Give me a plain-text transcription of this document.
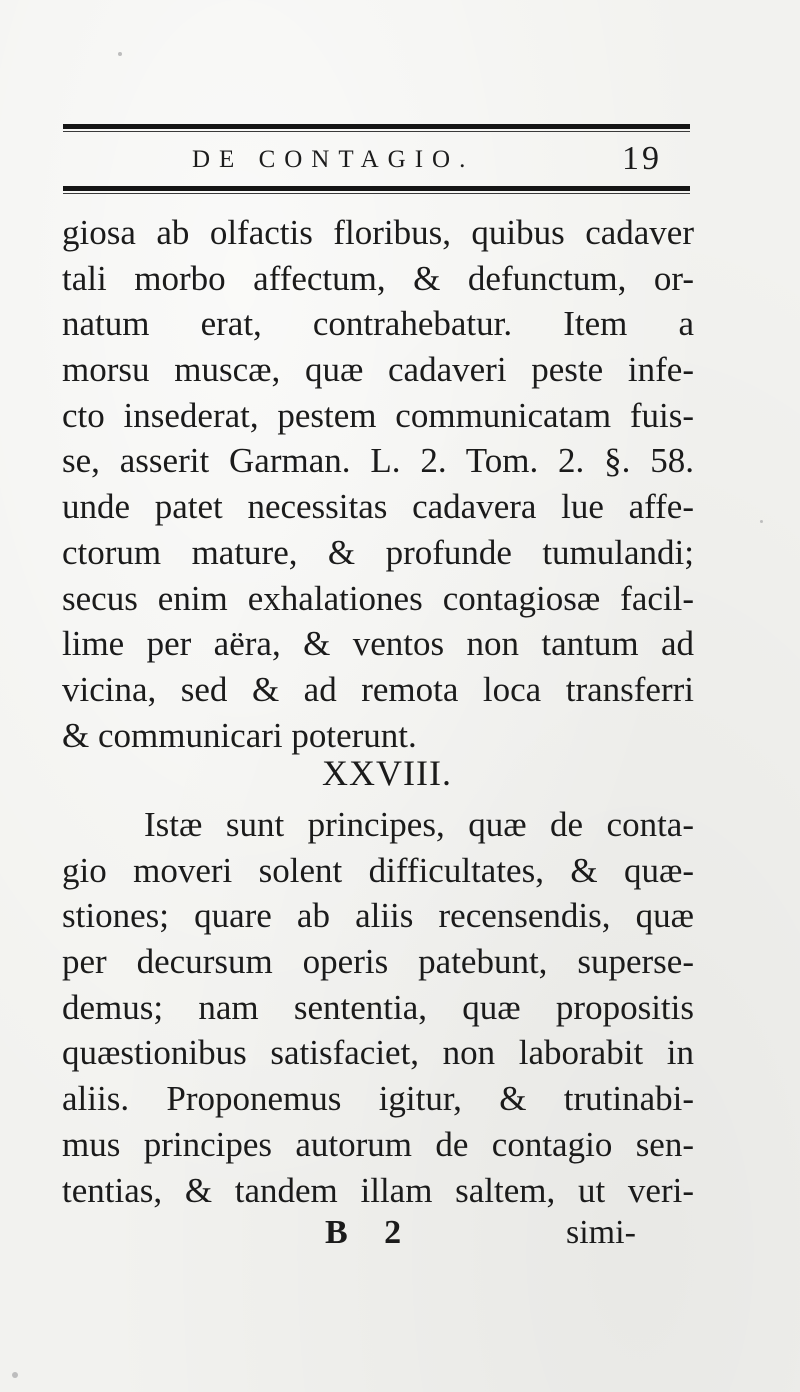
DE CONTAGIO.	19
giosa ab olfactis floribus, quibus cadaver
tali morbo affectum, & defunctum, or-
natum erat, contrahebatur. Item a
morsu muscæ, quæ cadaveri peste infe-
cto insederat, pestem communicatam fuis-
se, asserit Garman. L. 2. Tom. 2. §. 58.
unde patet necessitas cadavera lue affe-
ctorum mature, & profunde tumulandi;
secus enim exhalationes contagiosæ facil-
lime per aëra, & ventos non tantum ad
vicina, sed & ad remota loca transferri
& communicari poterunt.
XXVIII.
Istæ sunt principes, quæ de conta-
gio moveri solent difficultates, & quæ-
stiones; quare ab aliis recensendis, quæ
per decursum operis patebunt, superse-
demus; nam sententia, quæ propositis
quæstionibus satisfaciet, non laborabit in
aliis. Proponemus igitur, & trutinabi-
mus principes autorum de contagio sen-
tentias, & tandem illam saltem, ut veri-
B 2	simi-
